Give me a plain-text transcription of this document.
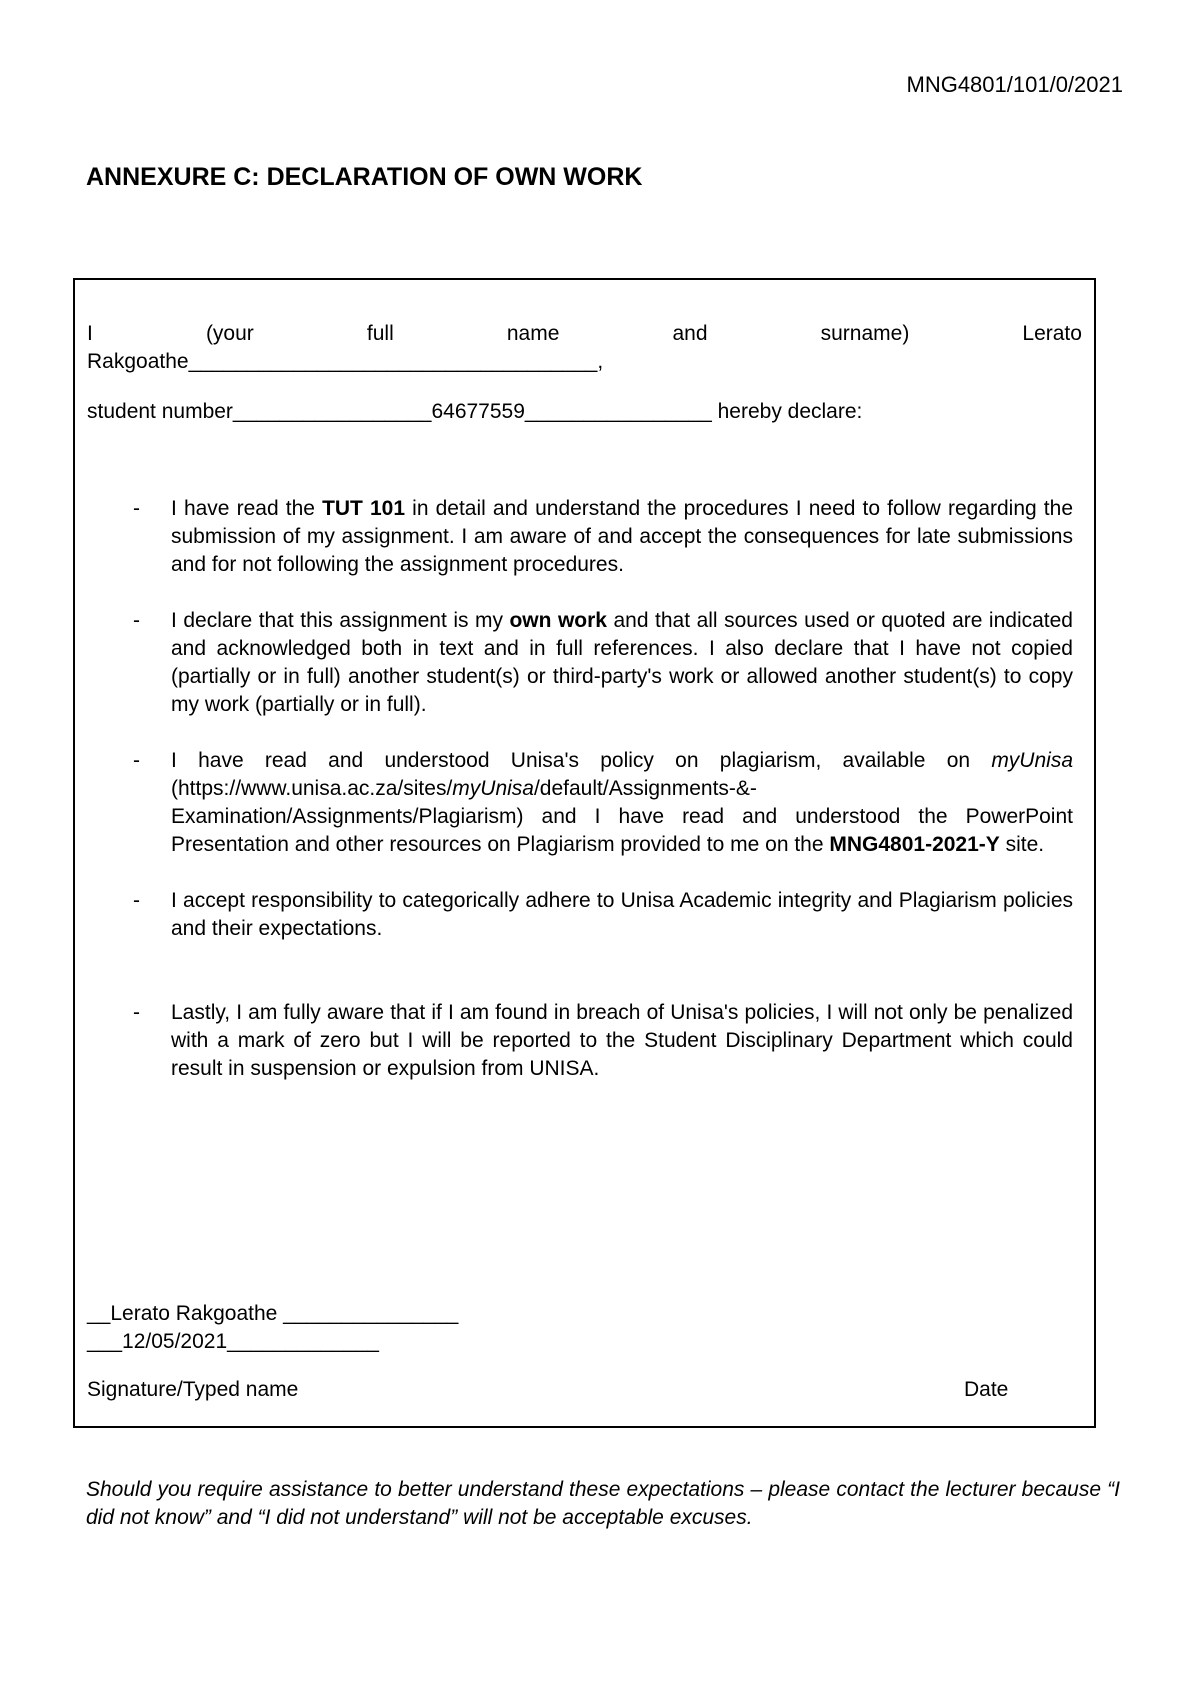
MNG4801/101/0/2021
ANNEXURE C: DECLARATION OF OWN WORK
I	(your	full	name	and	surname)	Lerato
Rakgoathe___________________________________,
student number_________________64677559________________ hereby declare:
- I have read the TUT 101 in detail and understand the procedures I need to follow regarding the submission of my assignment. I am aware of and accept the consequences for late submissions and for not following the assignment procedures.
- I declare that this assignment is my own work and that all sources used or quoted are indicated and acknowledged both in text and in full references. I also declare that I have not copied (partially or in full) another student(s) or third-party's work or allowed another student(s) to copy my work (partially or in full).
- I have read and understood Unisa's policy on plagiarism, available on myUnisa (https://www.unisa.ac.za/sites/myUnisa/default/Assignments-&-Examination/Assignments/Plagiarism) and I have read and understood the PowerPoint Presentation and other resources on Plagiarism provided to me on the MNG4801-2021-Y site.
- I accept responsibility to categorically adhere to Unisa Academic integrity and Plagiarism policies and their expectations.
- Lastly, I am fully aware that if I am found in breach of Unisa's policies, I will not only be penalized with a mark of zero but I will be reported to the Student Disciplinary Department which could result in suspension or expulsion from UNISA.
__Lerato Rakgoathe _______________
___12/05/2021_____________
Signature/Typed name	Date
Should you require assistance to better understand these expectations – please contact the lecturer because “I did not know” and “I did not understand” will not be acceptable excuses.
